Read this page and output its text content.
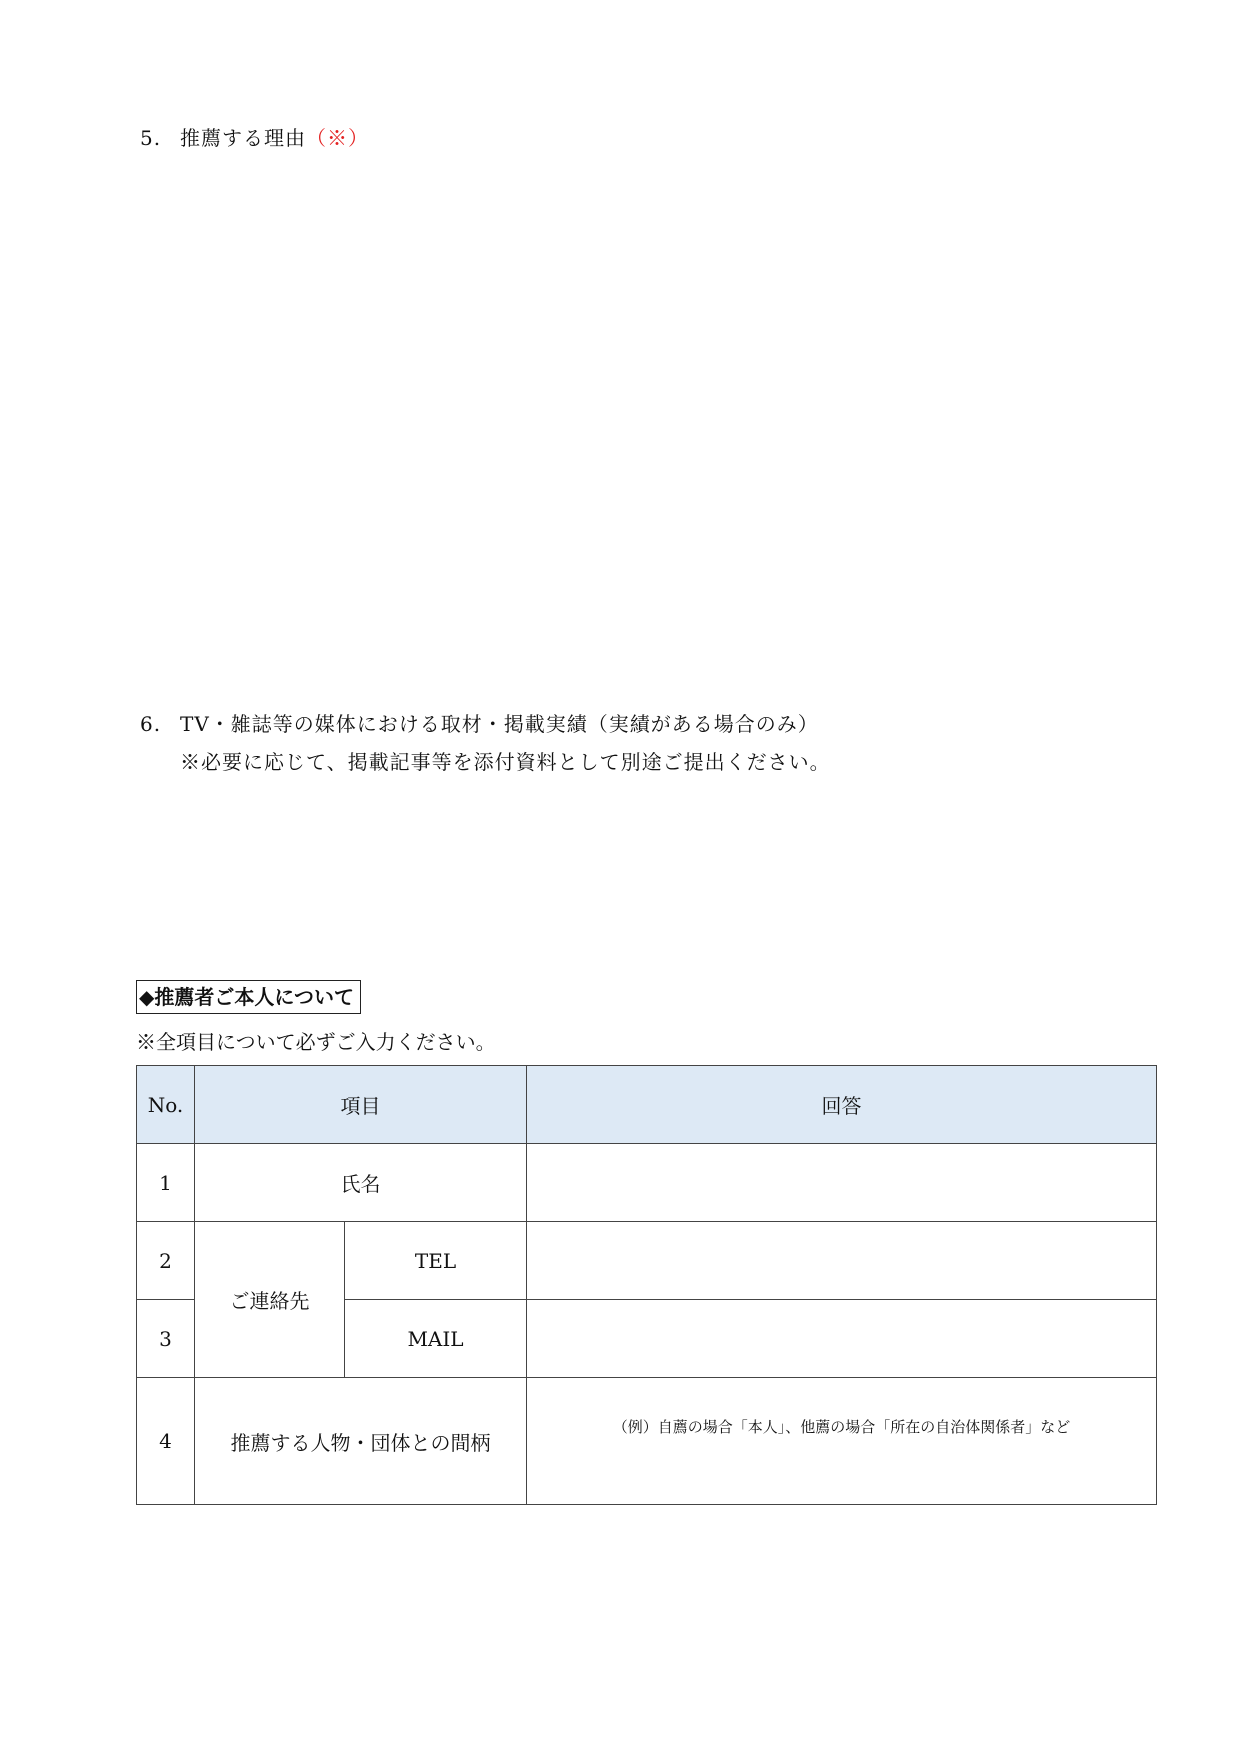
5. 推薦する理由（※）
6. TV・雑誌等の媒体における取材・掲載実績（実績がある場合のみ）
※必要に応じて、掲載記事等を添付資料として別途ご提出ください。
◆推薦者ご本人について
※全項目について必ずご入力ください。
No.	項目		回答
1	氏名		
2	ご連絡先	TEL	
3		MAIL	
4	推薦する人物・団体との間柄		（例）自薦の場合「本人」、他薦の場合「所在の自治体関係者」など
